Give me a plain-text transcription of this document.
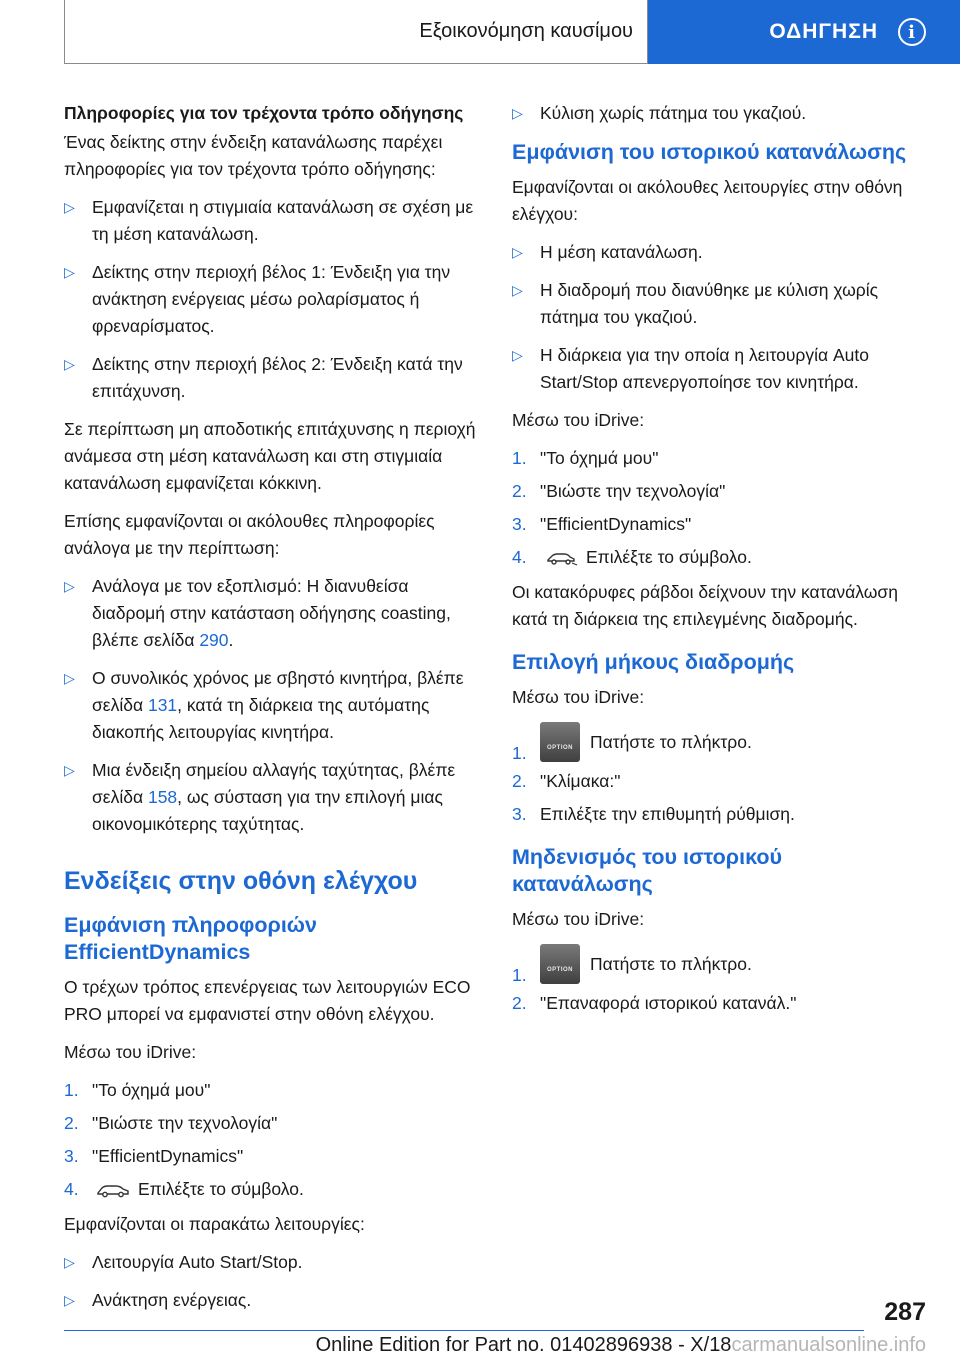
Εξοικονόμηση καυσίμου	ΟΔΗΓΗΣΗ	i
Πληροφορίες για τον τρέχοντα τρόπο οδήγησης

Ένας δείκτης στην ένδειξη κατανάλωσης παρέχει πληροφορίες για τον τρέχοντα τρόπο οδήγησης:

▷ Εμφανίζεται η στιγμιαία κατανάλωση σε σχέση με τη μέση κατανάλωση.
▷ Δείκτης στην περιοχή βέλος 1: Ένδειξη για την ανάκτηση ενέργειας μέσω ρολαρίσματος ή φρεναρίσματος.
▷ Δείκτης στην περιοχή βέλος 2: Ένδειξη κατά την επιτάχυνση.

Σε περίπτωση μη αποδοτικής επιτάχυνσης η περιοχή ανάμεσα στη μέση κατανάλωση και στη στιγμιαία κατανάλωση εμφανίζεται κόκκινη.

Επίσης εμφανίζονται οι ακόλουθες πληροφορίες ανάλογα με την περίπτωση:

▷ Ανάλογα με τον εξοπλισμό: Η διανυθείσα διαδρομή στην κατάσταση οδήγησης coasting, βλέπε σελίδα 290.
▷ Ο συνολικός χρόνος με σβηστό κινητήρα, βλέπε σελίδα 131, κατά τη διάρκεια της αυτόματης διακοπής λειτουργίας κινητήρα.
▷ Μια ένδειξη σημείου αλλαγής ταχύτητας, βλέπε σελίδα 158, ως σύσταση για την επιλογή μιας οικονομικότερης ταχύτητας.
Ενδείξεις στην οθόνη ελέγχου
Εμφάνιση πληροφοριών EfficientDynamics

Ο τρέχων τρόπος επενέργειας των λειτουργιών ECO PRO μπορεί να εμφανιστεί στην οθόνη ελέγχου.

Μέσω του iDrive:

1. "Το όχημά μου"
2. "Βιώστε την τεχνολογία"
3. "EfficientDynamics"
4.	Επιλέξτε το σύμβολο.

Εμφανίζονται οι παρακάτω λειτουργίες:

▷ Λειτουργία Auto Start/Stop.
▷ Ανάκτηση ενέργειας.
▷ Κύλιση χωρίς πάτημα του γκαζιού.
Εμφάνιση του ιστορικού κατανάλωσης

Εμφανίζονται οι ακόλουθες λειτουργίες στην οθόνη ελέγχου:

▷ Η μέση κατανάλωση.
▷ Η διαδρομή που διανύθηκε με κύλιση χωρίς πάτημα του γκαζιού.
▷ Η διάρκεια για την οποία η λειτουργία Auto Start/Stop απενεργοποίησε τον κινητήρα.

Μέσω του iDrive:

1. "Το όχημά μου"
2. "Βιώστε την τεχνολογία"
3. "EfficientDynamics"
4.	Επιλέξτε το σύμβολο.

Οι κατακόρυφες ράβδοι δείχνουν την κατανάλωση κατά τη διάρκεια της επιλεγμένης διαδρομής.

Επιλογή μήκους διαδρομής

Μέσω του iDrive:

1.	OPTION Πατήστε το πλήκτρο.
2. "Κλίμακα:"
3. Επιλέξτε την επιθυμητή ρύθμιση.
Μηδενισμός του ιστορικού κατανάλωσης

Μέσω του iDrive:

1.	OPTION Πατήστε το πλήκτρο.
2. "Επαναφορά ιστορικού κατανάλ."
287
Online Edition for Part no. 01402896938 - X/18carmanualsonline.info
